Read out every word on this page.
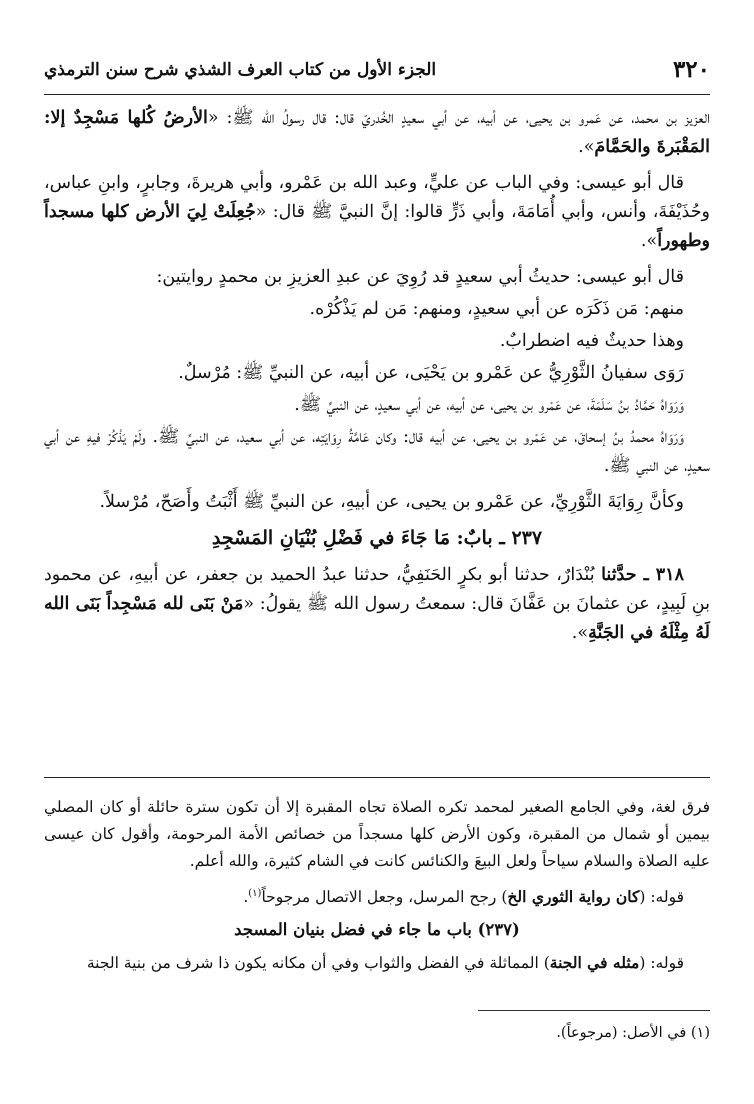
٣٢٠
الجزء الأول من كتاب العرف الشذي شرح سنن الترمذي

العزيز بن محمد، عن عَمرو بن يحيى، عن أبيه، عن أبي سعيدٍ الخُدريّ قال: قال رسولُ الله ﷺ: «الأرضُ كُلها مَسْجِدٌ إلا: المَقْبَرةَ والحَمَّامَ».

قال أبو عيسى: وفي الباب عن عليٍّ، وعبد الله بن عَمْرو، وأبي هريرةَ، وجابرٍ، وابنِ عباس، وحُذَيْفَةَ، وأنس، وأبي أُمَامَةَ، وأبي ذَرٍّ قالوا: إنَّ النبيَّ ﷺ قال: «جُعِلَتْ لِيَ الأرض كلها مسجداً وطهوراً».

قال أبو عيسى: حديثُ أبي سعيدٍ قد رُوِيَ عن عبدِ العزيزِ بن محمدٍ روايتين:

منهم: مَن ذَكَرَه عن أبي سعيدٍ، ومنهم: مَن لم يَذْكُرْه.

وهذا حديثٌ فيه اضطرابٌ.

رَوَى سفيانُ الثَّوْرِيُّ عن عَمْرو بن يَحْيَى، عن أبيه، عن النبيِّ ﷺ: مُرْسلٌ.

وَرَوَاهُ حَمَّادُ بنُ سَلَمَةَ، عن عَمْرو بن يحيى، عن أبيه، عن أبي سعيدٍ، عن النبيِّ ﷺ.

وَرَوَاهُ محمدُ بنُ إسحاقَ، عن عَمْرو بن يحيى، عن أبيه قال: وكان عَامَّةُ رِوَايَتِه، عن أبي سعيد، عن النبيِّ ﷺ. ولَمْ يَذْكُرْ فيهِ عن أبي سعيدٍ، عن النبي ﷺ.

وكأنَّ رِوَايَةَ الثَّوْرِيِّ، عن عَمْرو بن يحيى، عن أبيهِ، عن النبيِّ ﷺ أَثْبَتُ وأَصَحّ، مُرْسلاً.

٢٣٧ ـ بابٌ: مَا جَاءَ في فَضْلِ بُنْيَانِ المَسْجِدِ

٣١٨ ـ حدَّثنا بُنْدَارٌ، حدثنا أبو بكرٍ الحَنَفِيُّ، حدثنا عبدُ الحميد بن جعفر، عن أبيهِ، عن محمود بنِ لَبِيدٍ، عن عثمانَ بن عَفَّانَ قال: سمعتُ رسول الله ﷺ يقولُ: «مَنْ بَنَى لله مَسْجِداً بَنَى الله لَهُ مِثْلَهُ في الجَنَّةِ».

فرق لغة، وفي الجامع الصغير لمحمد تكره الصلاة تجاه المقبرة إلا أن تكون سترة حائلة أو كان المصلي بيمين أو شمال من المقبرة، وكون الأرض كلها مسجداً من خصائص الأمة المرحومة، وأقول كان عيسى عليه الصلاة والسلام سياحاً ولعل البيعَ والكنائس كانت في الشام كثيرة، والله أعلم.

قوله: (كان رواية الثوري الخ) رجح المرسل، وجعل الاتصال مرجوحاً$^{(١)}$.

(٢٣٧) باب ما جاء في فضل بنيان المسجد

قوله: (مثله في الجنة) المماثلة في الفضل والثواب وفي أن مكانه يكون ذا شرف من بنية الجنة

(١) في الأصل: (مرجوعاً).
